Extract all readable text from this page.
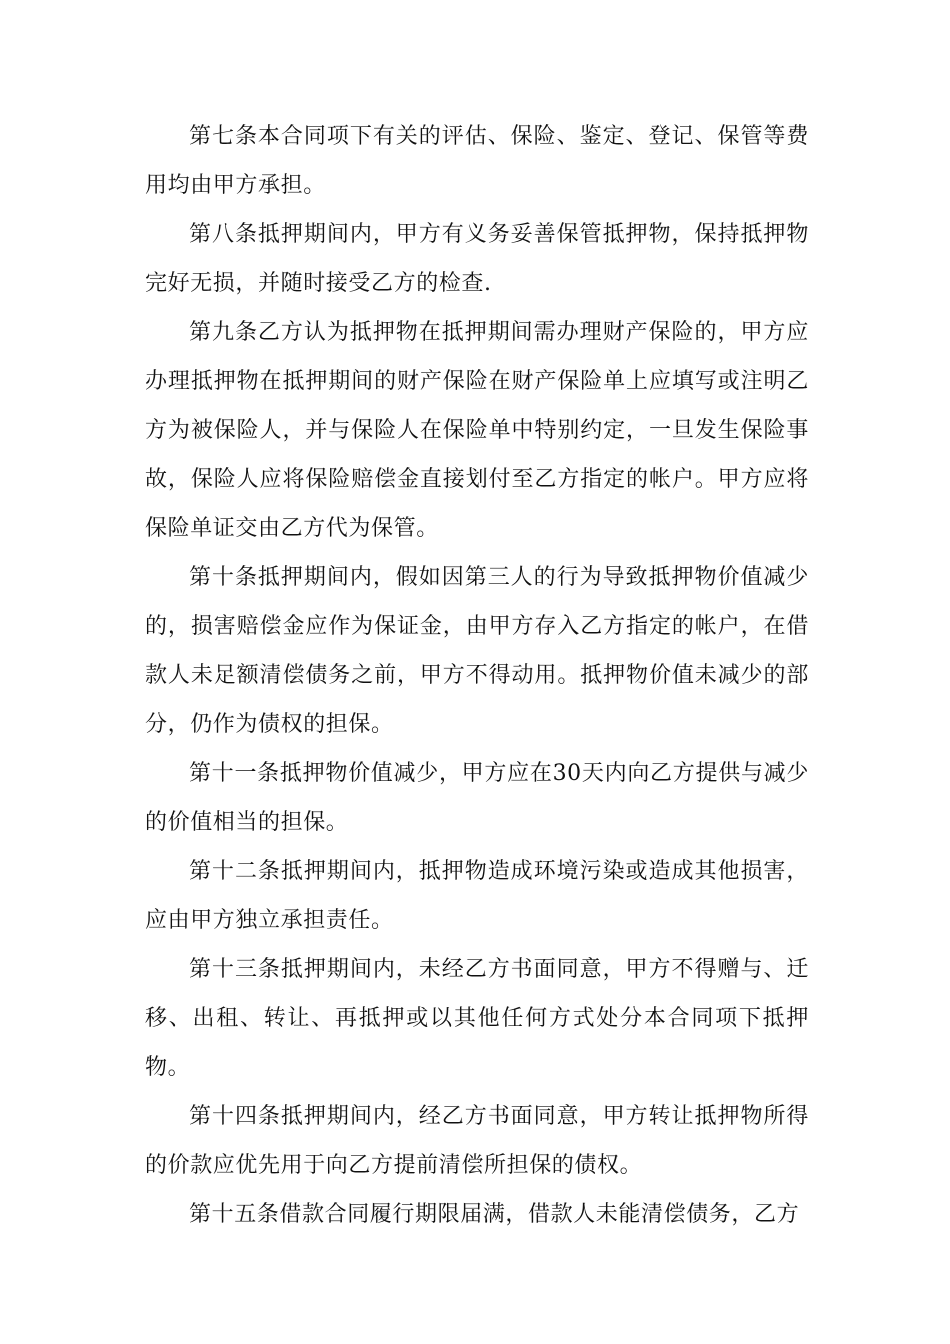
第七条本合同项下有关的评估、保险、鉴定、登记、保管等费用均由甲方承担。

第八条抵押期间内，甲方有义务妥善保管抵押物，保持抵押物完好无损，并随时接受乙方的检查.

第九条乙方认为抵押物在抵押期间需办理财产保险的，甲方应办理抵押物在抵押期间的财产保险在财产保险单上应填写或注明乙方为被保险人，并与保险人在保险单中特别约定，一旦发生保险事故，保险人应将保险赔偿金直接划付至乙方指定的帐户。甲方应将保险单证交由乙方代为保管。

第十条抵押期间内，假如因第三人的行为导致抵押物价值减少的，损害赔偿金应作为保证金，由甲方存入乙方指定的帐户，在借款人未足额清偿债务之前，甲方不得动用。抵押物价值未减少的部分，仍作为债权的担保。

第十一条抵押物价值减少，甲方应在30天内向乙方提供与减少的价值相当的担保。

第十二条抵押期间内，抵押物造成环境污染或造成其他损害，应由甲方独立承担责任。

第十三条抵押期间内，未经乙方书面同意，甲方不得赠与、迁移、出租、转让、再抵押或以其他任何方式处分本合同项下抵押物。

第十四条抵押期间内，经乙方书面同意，甲方转让抵押物所得的价款应优先用于向乙方提前清偿所担保的债权。

第十五条借款合同履行期限届满，借款人未能清偿债务，乙方
